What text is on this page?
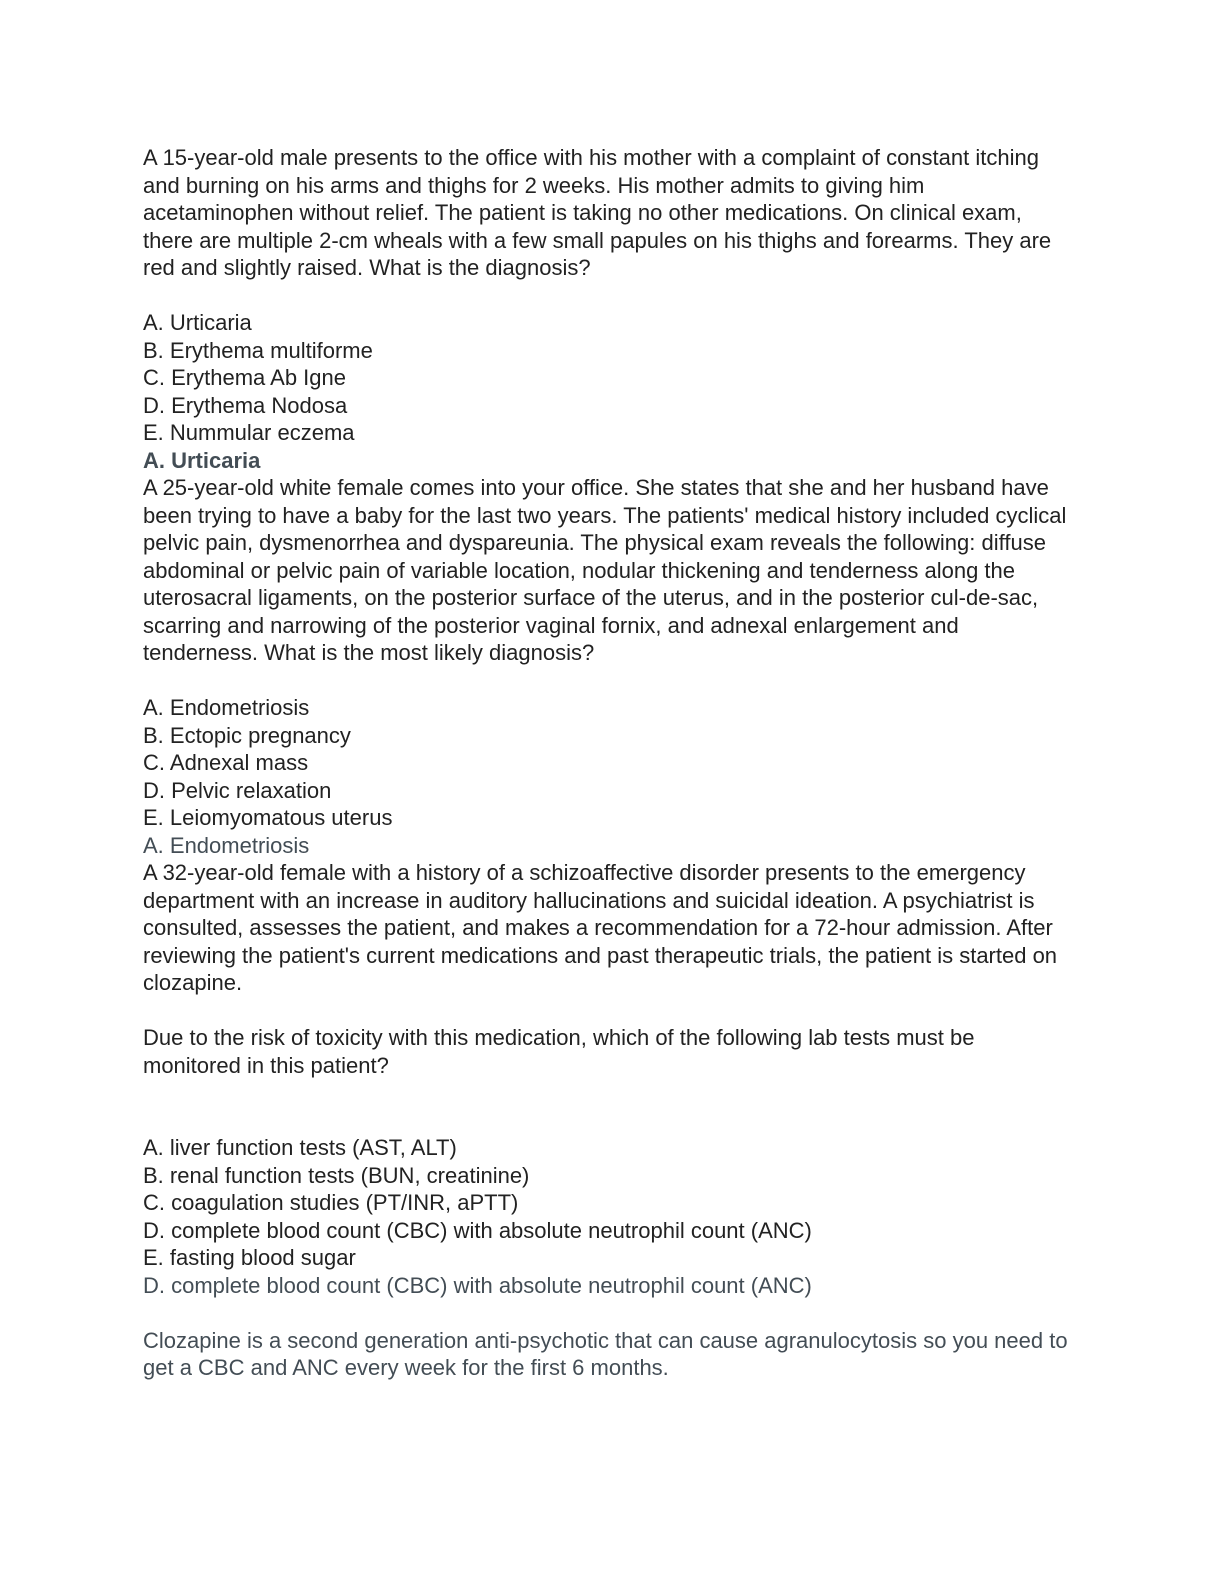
A 15-year-old male presents to the office with his mother with a complaint of constant itching and burning on his arms and thighs for 2 weeks. His mother admits to giving him acetaminophen without relief. The patient is taking no other medications. On clinical exam, there are multiple 2-cm wheals with a few small papules on his thighs and forearms. They are red and slightly raised. What is the diagnosis?

A. Urticaria
B. Erythema multiforme
C. Erythema Ab Igne
D. Erythema Nodosa
E. Nummular eczema
A. Urticaria

A 25-year-old white female comes into your office. She states that she and her husband have been trying to have a baby for the last two years. The patients' medical history included cyclical pelvic pain, dysmenorrhea and dyspareunia. The physical exam reveals the following: diffuse abdominal or pelvic pain of variable location, nodular thickening and tenderness along the uterosacral ligaments, on the posterior surface of the uterus, and in the posterior cul-de-sac, scarring and narrowing of the posterior vaginal fornix, and adnexal enlargement and tenderness. What is the most likely diagnosis?

A. Endometriosis
B. Ectopic pregnancy
C. Adnexal mass
D. Pelvic relaxation
E. Leiomyomatous uterus
A. Endometriosis

A 32-year-old female with a history of a schizoaffective disorder presents to the emergency department with an increase in auditory hallucinations and suicidal ideation. A psychiatrist is consulted, assesses the patient, and makes a recommendation for a 72-hour admission. After reviewing the patient's current medications and past therapeutic trials, the patient is started on clozapine.

Due to the risk of toxicity with this medication, which of the following lab tests must be monitored in this patient?

A. liver function tests (AST, ALT)
B. renal function tests (BUN, creatinine)
C. coagulation studies (PT/INR, aPTT)
D. complete blood count (CBC) with absolute neutrophil count (ANC)
E. fasting blood sugar
D. complete blood count (CBC) with absolute neutrophil count (ANC)

Clozapine is a second generation anti-psychotic that can cause agranulocytosis so you need to get a CBC and ANC every week for the first 6 months.
